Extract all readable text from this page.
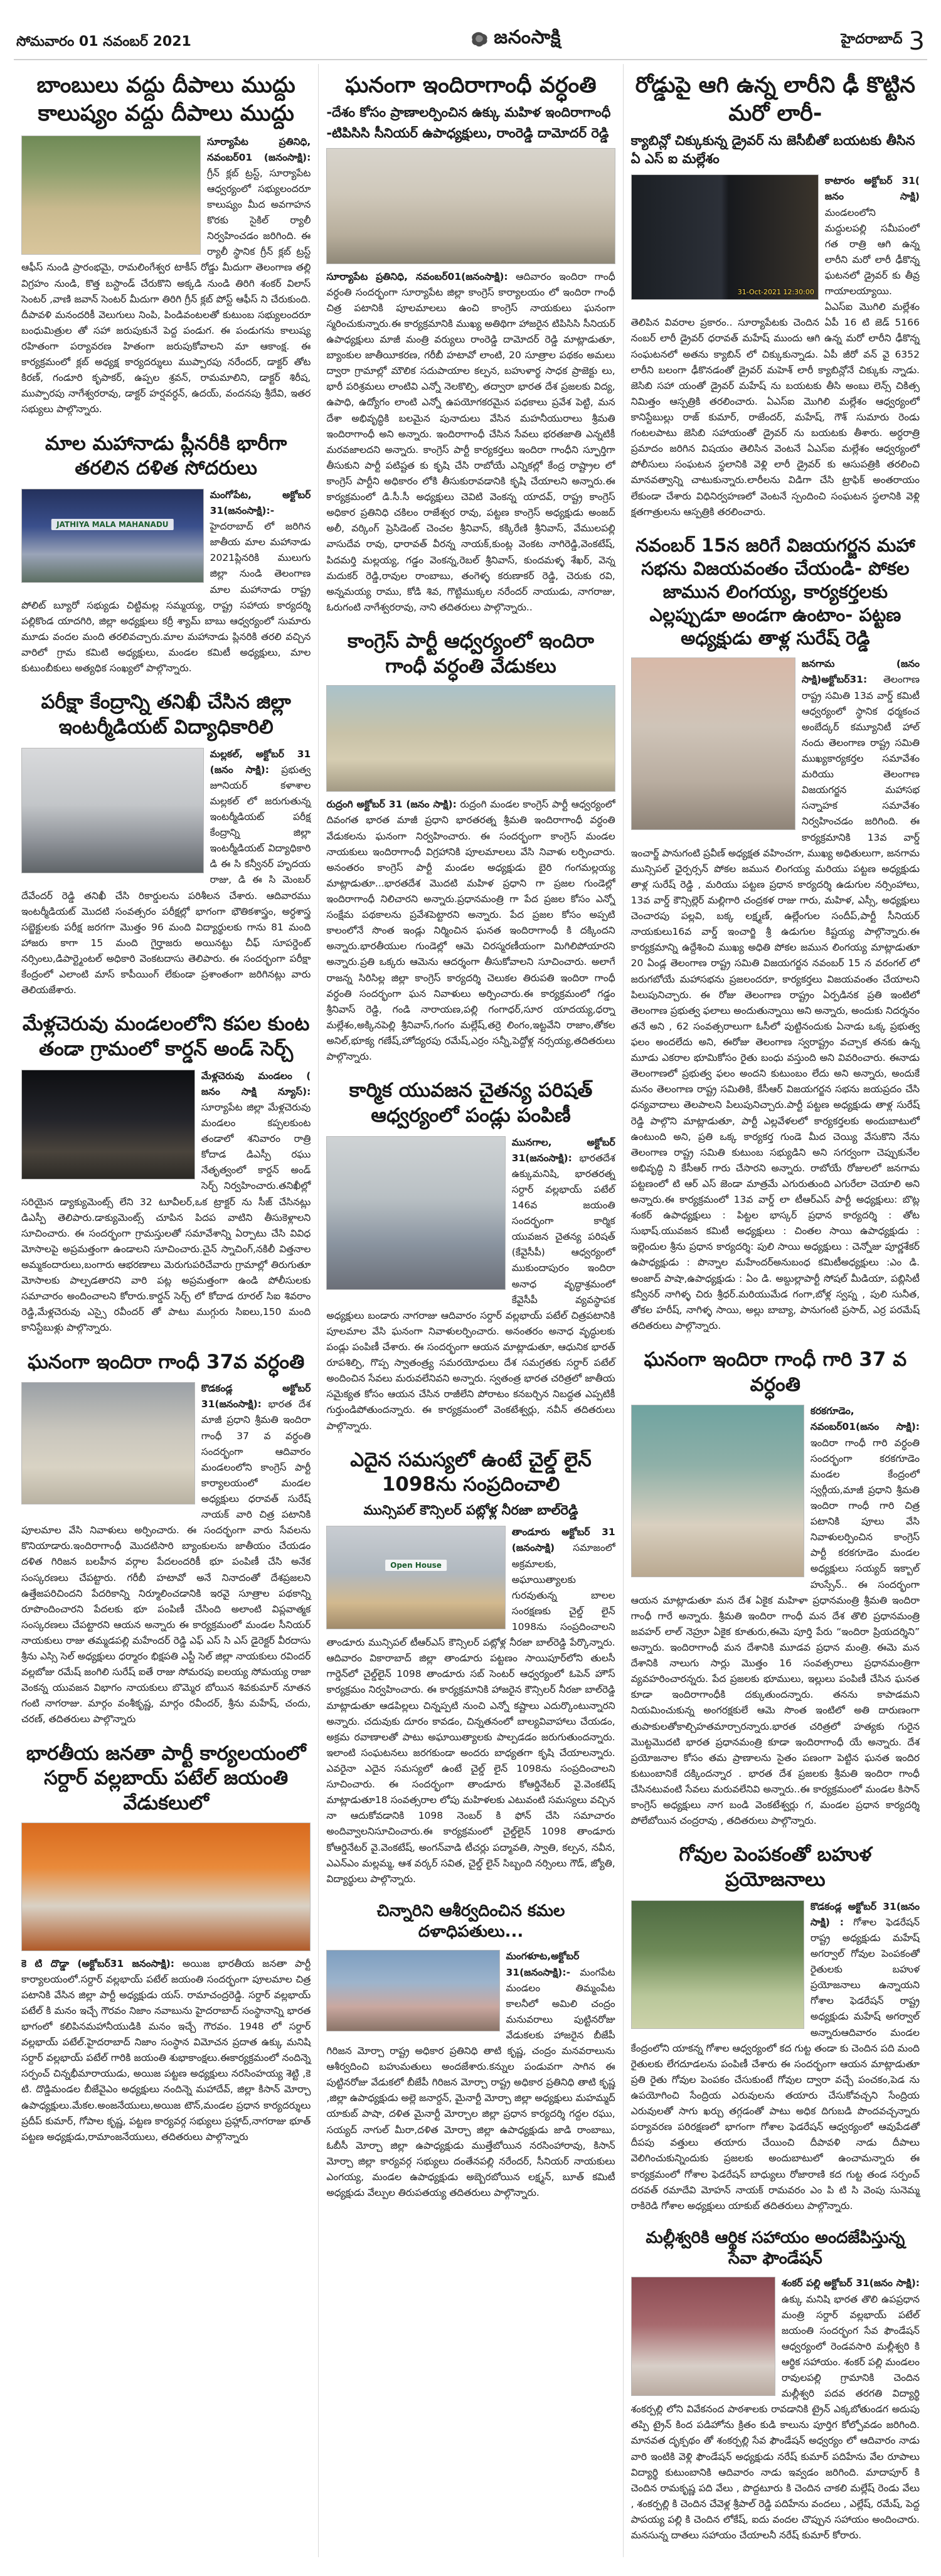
సోమవారం 01 నవంబర్ 2021	జనంసాక్షి	హైదరాబాద్ 3
బాంబులు వద్దు దీపాలు ముద్దు కాలుష్యం వద్దు దీపాలు ముద్దు

సూర్యాపేట ప్రతినిధి, నవంబర్01 (జనంసాక్షి): గ్రీన్ క్లబ్ ట్రస్ట్, సూర్యాపేట ఆధ్వర్యంలో సభ్యులందరూ కాలుష్యం మీద అవగాహన కొరకు సైకిల్ ర్యాలీ నిర్వహించడం జరిగింది. ఈ ర్యాలీ స్థానిక గ్రీన్ క్లబ్ ట్రస్ట్ ఆఫీస్ నుండి ప్రారంభమై, రామలింగేశ్వర టాకీస్ రోడ్డు మీదుగా తెలంగాణ తల్లి విగ్రహం నుండి, కొత్త బస్టాండ్ చేరుకొని అక్కడి నుండి తిరిగి శంకర్ విలాస్ సెంటర్ ,వాణి జవాన్ సెంటర్ మీదుగా తిరిగి గ్రీన్ క్లబ్ పోస్ట్ ఆఫీస్ ని చేరుకుంది. దీపావళి మనందరికీ వెలుగులు నింపి, పిండివంటలతో కుటుంబ సభ్యులందరూ బంధుమిత్రుల తో సహా జరుపుకునే పెద్ద పండుగ. ఈ పండుగను కాలుష్య రహితంగా పర్యావరణ హితంగా జరుపుకోవాలని మా ఆకాంక్ష. ఈ కార్యక్రమంలో క్లబ్ అధ్యక్ష కార్యదర్శులు ముప్పారపు నరేందర్, డాక్టర్ తోట కిరణ్, గండూరి కృపాకర్, ఉప్పల శ్రవన్, రామమాలిని, డాక్టర్ శిరీష, ముప్పారపు నాగేశ్వరరావు, డాక్టర్ హర్షవర్ధన్, ఉదయ్, వందనపు శ్రీదేవి, ఇతర సభ్యులు పాల్గొన్నారు.

మాల మహానాడు ప్లీనరీకి భారీగా తరలిన దళిత సోదరులు
JATHIYA MALA MAHANADU

మంగోపేట, అక్టోబర్ 31(జనంసాక్షి):- హైదరాబాద్ లో జరిగిన జాతీయ మాల మహానాడు 2021ప్లినరికి ములుగు జిల్లా నుండి తెలంగాణ మాల మహానాడు రాష్ట్ర పోలిట్ బ్యూరో సభ్యుడు చిట్టిమల్ల సమ్మయ్య, రాష్ట్ర సహాయ కార్యదర్శి పల్లికొండ యాదగిరి, జిల్లా అధ్యక్షులు కర్రీ శ్యామ్ బాబు ఆధ్వర్యంలో సుమారు మూడు వందల మంది తరలివచ్చారు.మాల మహానాడు ప్లినరికి తరలి వచ్చిన వారిలో గ్రామ కమిటి అధ్యక్షులు, మండల కమిటీ అధ్యక్షులు, మాల కుటుంబీకులు అత్యధిక సంఖ్యలో పాల్గొన్నారు.

పరీక్షా కేంద్రాన్ని తనిఖీ చేసిన జిల్లా ఇంటర్మీడియట్ విద్యాధికారిలి

మల్లకల్, అక్టోబర్ 31 (జనం సాక్షి): ప్రభుత్వ జూనియర్ కళాశాల మల్లకల్ లో జరుగుతున్న ఇంటర్మీడియట్ పరీక్ష కేంద్రాన్ని జిల్లా ఇంటర్మీడియట్ విద్యాధికారి డి ఈ సి కన్వీనర్ హృదయ రాజు, డి ఈ సి మెంబర్ దేవేందర్ రెడ్డి తనిఖీ చేసి రికార్డులను పరిశీలన చేశారు. ఆదివారము ఇంటర్మీడియట్ మొదటి సంవత్సరం పరీక్షల్లో భాగంగా భౌతికశాస్త్రం, అర్ధశాస్త్ర సబ్జెక్టులకు పరీక్ష జరగగా మొత్తం 96 మంది విద్యార్థులకు గాను 81 మంది హాజరు కాగా 15 మంది గైర్హాజరు అయినట్టు చీఫ్ సూపర్డెంట్ నర్సింలు,డిపార్ట్మెంటల్ అధికారి వెంకటదాసు తెలిపారు. ఈ సందర్భంగా పరీక్షా కేంద్రంలో ఎలాంటి మాస్ కాపీయింగ్ లేకుండా ప్రశాంతంగా జరిగినట్లు వారు తెలియజేశారు.

మేళ్లచెరువు మండలంలోని కపల కుంట తండా గ్రామంలో కార్డన్ అండ్ సెర్చ్

మేళ్లచెరువు మండలం ( జనం సాక్షి న్యూస్): సూర్యాపేట జిల్లా మేళ్లచెరువు మండలం కప్పలకుంట తండాలో శనివారం రాత్రి కోదాడ డిఎస్పీ రఘు నేతృత్వంలో కార్డన్ అండ్ సెర్చ్ నిర్వహించారు.తనిఖీల్లో సరియైన డ్యాక్యుమెంట్స్ లేని 32 టూవీలర్,ఒక ట్రాక్టర్ ను సీజ్ చేసినట్లు డిఎస్పీ తెలిపారు.డాక్యుమెంట్స్ చూపిన పిదప వాటిని తీసుకెళ్లాలని సూచించారు. ఈ సందర్భంగా గ్రామస్తులతో సమావేశాన్ని ఏర్పాటు చేసి వివిధ మోసాలపై అప్రమత్తంగా ఉండాలని సూచించారు.చైన్ స్నాచింగ్,నకిలీ విత్తనాల అమ్మకందారులు,బంగారు ఆభరణాలు మెరుగుపరిచేవారు గ్రామాల్లో తిరుగుతూ మోసాలకు పాల్పడతారని వారి పట్ల అప్రమత్తంగా ఉండి పోలీసులకు సమాచారం అందించాలని కోరారు.కార్డన్ సెర్చ్ లో కోదాడ రూరల్ సిఐ శివరాం రెడ్డి,మేళ్లచెరువు ఎస్సై రవీందర్ తో పాటు ముగ్గురు సిఐలు,150 మంది కానిస్టేబుళ్లు పాల్గొన్నారు.

ఘనంగా ఇందిరా గాంధీ 37వ వర్ధంతి

కొడకండ్ల అక్టోబర్ 31(జనంసాక్షి): భారత దేశ మాజీ ప్రధాని శ్రీమతి ఇందిరా గాంధీ 37 వ వర్ధంతి సందర్భంగా ఆదివారం మండలంలోని కాంగ్రెస్ పార్టీ కార్యాలయంలో మండల అధ్యక్షులు ధరావత్ సురేష్ నాయక్ వారి చిత్ర పటానికి పూలమాల వేసి నివాళులు అర్పించారు. ఈ సందర్భంగా వారు సేవలను కొనియాడారు.ఇందిరాగాంధీ మొదటిసారి బ్యాంకులను జాతీయం చేయడం దళిత గిరిజన బలహీన వర్గాల పేదలందరికీ భూ పంపిణీ చేసి అనేక సంస్కరణలు చేపట్టారు. గరీబీ హటావో అనే నినాదంతో దేశప్రజలని ఉత్తేజపరిచిందని పేదరికాన్ని నిర్మూలించడానికి ఇరవై సూత్రాల పథకాన్ని రూపొందించారని పేదలకు భూ పంపిణీ చేసింది అలాంటి విప్లవాత్మక సంస్కరణలు చేపట్టారని ఆయన అన్నారు ఈ కార్యక్రమంలో మండల సీనియర్ నాయకులు రాజు తమ్మడపల్లి మహేందర్ రెడ్డి ఎఫ్ ఎస్ సి ఎస్ డైరెక్టర్ వీరదాసు శ్రీను ఎస్సి సెల్ అధ్యక్షులు ధర్మారం భిక్షపతి ఎస్టీ సెల్ జిల్లా నాయకులు రవిందర్ వల్లబోజు రమేష్ జంగిలి సురేష్ ఐతే రాజు సోమరపు ఐలయ్య సోమయ్య రాజా వెంకన్న యువజన విభాగం నాయకులు బొమ్మెర బోయిన శివకుమార్ నూతన గంటి నాగరాజు. మార్గం వంశీకృష్ణ, మార్గం రవీందర్, శ్రీను మహేష్, చందు, చరణ్, తదితరులు పాల్గొన్నారు

భారతీయ జనతా పార్టీ కార్యలయంలో సర్దార్ వల్లబాయ్ పటేల్ జయంతి వేడుకలులో

కె టి దొడ్డా (అక్టోబర్31 జనంసాక్షి): అయిజ భారతీయ జనతా పార్టీ కార్యాలయంలో.సర్దార్ వల్లభాయ్ పటేల్ జయంతి సందర్భంగా పూలమాల చిత్ర పటానికి వేసిన జిల్లా పార్టీ అధ్యక్షుడు యస్. రామాచంద్రరెడ్డి. సర్దార్ వల్లభాయ్ పటేల్ కి మనం ఇచ్చే గౌరవం నిజాం నవాబును హైదరాబాద్ సంస్థానాన్ని భారత భాగంలో కలిపినమహానీయుడికి మనం ఇచ్చే గౌరవం. 1948 లో సర్దార్ వల్లభాయ్ పటేల్.హైదరాబాద్ నిజాం సంస్థాన విమోచన ప్రదాత ఉక్కు మనిషి సర్దార్ వల్లభాయ్ పటేల్ గారికి జయంతి శుభాకాంక్షలు.ఈకార్యక్రమంలో నందిన్నె సర్పంచ్ చిన్నభీమారాయుడు, అయిజ పట్టణ అధ్యక్షులు నరసింహయ్య శెట్టి ,కె టి. దొడ్డిమండల బీజేవైఎం అధ్యక్షులు నందిన్నె మహాదేవ్, జిల్లా కిసాన్ మోర్చా ఉపాధ్యక్షులు.మేకల.అంజనేయులు,అయిజ టౌన్,మండల ప్రధాన కార్యదర్శులు ప్రదీప్ కుమార్, గోపాల కృష్ణ, పట్టణ కార్యవర్గ సభ్యులు ప్రహ్లాద్,నాగరాజు భూత్ పట్టణ అధ్యక్షుడు,రామాంజనేయులు, తదితరులు పాల్గొన్నారు

ఘనంగా ఇందిరాగాంధీ వర్ధంతి
-దేశం కోసం ప్రాణాలర్పించిన ఉక్కు మహిళ ఇందిరాగాంధీ
-టిపిసిసి సీనియర్ ఉపాధ్యక్షులు, రాంరెడ్డి దామోదర్ రెడ్డి

సూర్యాపేట ప్రతినిధి, నవంబర్01(జనంసాక్షి): ఆదివారం ఇందిరా గాంధీ వర్ధంతి సందర్భంగా సూర్యాపేట జిల్లా కాంగ్రెస్ కార్యాలయం లో ఇందిరా గాంధీ చిత్ర పటానికి పూలమాలలు ఉంచి కాంగ్రెస్ నాయకులు ఘనంగా స్మరించుకున్నారు.ఈ కార్యక్రమానికి ముఖ్య అతిథిగా హాజరైన టిపిసిసి సీనియర్ ఉపాధ్యక్షులు మాజీ మంత్రి వర్యులు రాంరెడ్డి దామోదర్ రెడ్డి మాట్లాడుతూ, బ్యాంకుల జాతీయీకరణ, గరీబీ హటావో లాంటి, 20 సూత్రాల పథకం అమలు ద్వారా గ్రామాల్లో మౌలిక సదుపాయాల కల్పన, బహుళార్థ సాధక ప్రాజెక్టు లు, భారీ పరిశ్రమలు లాంటివి ఎన్నో నెలకొల్పి, తద్వారా భారత దేశ ప్రజలకు విద్య, ఉపాధి, ఉద్యోగం లాంటి ఎన్నో ఉపయోగకరమైన పధకాలు ప్రవేశ పెట్టి, మన దేశా అభివృద్ధికి బలమైన పునాదులు వేసిన మహనీయురాలు శ్రీమతి ఇందిరాగాంధీ అని అన్నారు. ఇందిరాగాంధీ చేసిన సేవలు భరతజాతి ఎన్నటికీ మరవజాలదని అన్నారు. కాంగ్రెస్ పార్టీ కార్యకర్తలు ఇందిరా గాంధీని స్ఫూర్తిగా తీసుకుని పార్టీ పటిష్టత కు కృషి చేసి రాబోయే ఎన్నికల్లో కేంద్ర రాష్ట్రాల లో కాంగ్రెస్ పార్టీని అధికారం లోకి తీసుకురావడానికి కృషి చేయాలని అన్నారు.ఈ కార్యక్రమంలో డి.సీ.సీ అధ్యక్షులు చెవిటి వెంకన్న యాదవ్, రాష్ట్ర కాంగ్రెస్ అధికార ప్రతినిధి చకిలం రాజేశ్వర రావు, పట్టణ కాంగ్రెస్ అధ్యక్షుడు అంజద్ అలీ, వర్కింగ్ ప్రెసిడెంట్ చెంచల శ్రీనివాస్, కక్కిరేణి శ్రీనివాస్, వేములపల్లి వాసుదేవ రావు, ధారావత్ వీరన్న నాయక్,కుంట్ల వెంకట నాగిరెడ్డి,వెంకటేష్, పిదమర్తి మల్లయ్య, గడ్డం వెంకన్న,రెబల్ శ్రీనివాస్, కుందమళ్ళ శేఖర్, వెన్న మదుకర్ రెడ్డి,రావుల రాంబాబు, తంగెళ్ళ కరుణాకర్ రెడ్డి, చెరుకు రవి, అన్నమయ్య రాము, కోడి శివ, గొట్టిముక్కల నరేందర్ నాయుడు, నాగరాజు, ఓరుగంటి నాగేశ్వరరావు, నాని తదితరులు పాల్గొన్నారు..

కాంగ్రెస్ పార్టీ ఆధ్వర్యంలో ఇందిరా గాంధీ వర్ధంతి వేడుకలు

రుద్రంగి అక్టోబర్ 31 (జనం సాక్షి): రుద్రంగి మండల కాంగ్రెస్ పార్టీ ఆధ్వర్యంలో దివంగత భారత మాజీ ప్రధాని భారతరత్న శ్రీమతి ఇందిరాగాంధీ వర్ధంతి వేడుకలను ఘనంగా నిర్వహించారు. ఈ సందర్భంగా కాంగ్రెస్ మండల నాయకులు ఇందిరాగాంధీ విగ్రహానికి పూలమాలలు వేసి నివాళు లర్పించారు. అనంతరం కాంగ్రెస్ పార్టీ మండల అధ్యక్షుడు బైరి గంగమల్లయ్య మాట్లాడుతూ...భారతదేశ మొదటి మహిళ ప్రధాని గా ప్రజల గుండెల్లో ఇందిరాగాంధీ నిలిచారని అన్నారు.ప్రధానమంత్రి గా పేద ప్రజల కోసం ఎన్నో సంక్షేమ పథకాలను ప్రవేశపెట్టారని అన్నారు. పేద ప్రజల కోసం అప్పటి కాలంలోనే సొంత ఇండ్లు నిర్మించిన ఘనత ఇందిరాగాంధీ కి దక్కిందని అన్నారు.భారతీయుల గుండెల్లో ఆమె చిరస్మరణీయంగా మిగిలిపోయారని అన్నారు.ప్రతి ఒక్కరు ఆమెను ఆదర్శంగా తీసుకోవాలని సూచించారు. అలాగే రాజన్న సిరిసిల్ల జిల్లా కాంగ్రెస్ కార్యదర్శి చెలుకల తిరుపతి ఇందిరా గాంధీ వర్ధంతి సందర్భంగా ఘన నివాళులు అర్పించారు.ఈ కార్యక్రమంలో గడ్డం శ్రీనివాస్ రెడ్డి, గండి నారాయణ,పల్లి గంగాధర్,సూర యాదయ్య,ధర్నా మల్లేశం,అక్కినపెల్లి శ్రీనివాస్,గంగం మల్లేష్,తర్రె లింగం,ఇట్టవేని రాజాం,తోకల అనిల్,భూక్య గణేష్,హోద్యరపు రమేష్,ఎర్రం సన్నీ,పెద్దోళ్ల నర్సయ్య,తదితరులు పాల్గొన్నారు.

కార్మిక యువజన చైతన్య పరిషత్ ఆధ్వర్యంలో పండ్లు పంపిణీ

మునగాల, అక్టోబర్ 31(జనంసాక్షి): భారతదేశ ఉక్కుమనిషి, భారతరత్న సర్దార్ వల్లభాయ్ పటేల్ 146వ జయంతి సందర్భంగా కార్మిక యువజన చైతన్య పరిషత్ (కేవైసీపీ) ఆధ్వర్యంలో ముకుందాపురం ఇందిరా అనాధ వృద్ధాశ్రమంలో కేవైసీపీ వ్యవస్థాపక అధ్యక్షులు బండారు నాగరాజు ఆదివారం సర్దార్ వల్లభాయ్ పటేల్ చిత్రపటానికి పూలమాల వేసి ఘనంగా నివాళులర్పించారు. అనంతరం అనాధ వృద్ధులకు పండ్లు పంపిణీ చేశారు. ఈ సందర్భంగా ఆయన మాట్లాడుతూ, ఆధునిక భారత్ రూపశిల్పి, గొప్ప స్వాతంత్ర్య సమరయోధులు దేశ సమగ్రతకు సర్దార్ పటేల్ అందించిన సేవలు మరువలేనివని అన్నారు. స్వతంత్ర భారత చరిత్రలో జాతీయ సమైక్యత కోసం ఆయన చేసిన రాజీలేని పోరాటం కనబర్చిన నిబద్ధత ఎప్పటికీ గుర్తుండిపోతుందన్నారు. ఈ కార్యక్రమంలో వెంకటేశ్వర్లు, నవీన్ తదితరులు పాల్గొన్నారు.

ఎదైన సమస్యలో ఉంటే చైల్డ్ లైన్ 1098ను సంప్రదించాలి
మున్సిపల్ కౌన్సిలర్ పట్లోళ్ల నీరజా బాల్‌రెడ్డి
Open House

తాండూరు అక్టోబర్ 31 (జనంసాక్షి) సమాజంలో అక్రమాలకు, అఘాయిత్యాలకు గురవుతున్న బాలల సంరక్షణకు చైల్డ్ లైన్ 1098ను సంప్రదించాలని తాండూరు మున్సిపల్ టీఆర్ఎస్ కౌన్సిలర్ పట్లోళ్ల నీరజా బాల్‌రెడ్డి పేర్కొన్నారు. ఆదివారం వికారాబాద్ జిల్లా తాండూరు పట్టణం సాయిపూర్‌లోని తులసీ గార్డెన్‌లో చైల్డ్‌లైన్ 1098 తాండూరు సబ్ సెంటర్ ఆధ్వర్యంలో ఓపెన్ హౌస్ కార్యక్రమం నిర్వహించారు. ఈ కార్యక్రమానికి హాజరైన కౌన్సిలర్ నీరజా బాల్‌రెడ్డి మాట్లాడుతూ ఆడపిల్లలు చిన్నప్పటి నుంచి ఎన్నో కష్టాలు ఎదుర్కొంటున్నారని అన్నారు. చదువుకు దూరం కావడం, చిన్నతనంలో బాల్యవివాహాలు చేయడం, అక్రమ రవాణాలతో పాటు అఘాయిత్యాలకు పాల్పడడం జరుగుతుందన్నారు. ఇలాంటి సంఘటనలు జరగకుండా అందరు బాధ్యతగా కృషి చేయాలన్నారు. ఎవరైనా ఎదైన సమస్యలో ఉంటే చైల్డ్ లైన్ 1098ను సంప్రదించాలని సూచించారు. ఈ సందర్భంగా తాండూరు కోఆర్డినేటర్ వై.వెంకటేష్ మాట్లాడుతూ18 సంవత్సరాల లోపు మహిళలకు ఎటువంటి సమస్యలు వచ్చిన నా ఆదుకోవడానికి 1098 నెంబర్ కి ఫోన్ చేసి సమాచారం అందివ్వాలనిసూచించారు.ఈ కార్యక్రమంలో చైల్డ్‌లైన్ 1098 తాండూరు కోఆర్డినేటర్ వై.వెంకటేష్, అంగన్‌వాడి టీచర్లు పద్మావతి, స్వాతి, కల్పన, నవీన, ఎఎన్ఎం మల్లమ్మ, ఆశ వర్కర్ సవిత, చైల్డ్ లైన్ సిబ్బంది నర్సింలు గౌడ్, జ్యోతి, విద్యార్థులు పాల్గొన్నారు.

చిన్నారిని ఆశీర్వదించిన కమల దళాధిపతులు...

మంగళూట,అక్టోబర్ 31(జనంసాక్షి):- మంగపేట మండలం తిమ్మంపేట కాలనీలో అమిలి చంద్రం మనువరాలు పుట్టినరోజు వేడుకలకు హాజరైన బీజేపీ గిరిజన మోర్చా రాష్ట్ర అధికార ప్రతినిధి తాటి కృష్ణ, చంద్రం మనవరాలును ఆశీర్వదించి బహుమతులు అందజేశారు.కన్నుల పండువగా సాగిన ఈ పుట్టినరోజు వేడుకలో బీజేపీ గిరిజన మోర్చా రాష్ట్ర అధికార ప్రతినిధి తాటి కృష్ణ ,జిల్లా ఉపాధ్యక్షుడు అల్లె జనార్దన్, మైనార్టీ మోర్చా జిల్లా అధ్యక్షులు మహమ్మద్ యాకుబ్ పాషా, దళిత మైనార్టీ మోర్చాల జిల్లా ప్రధాన కార్యదర్శి గద్దల రఘు, సయ్యద్ నాగుల్ మీరా,దళిత మోర్చా జిల్లా ఉపాధ్యక్షుడు జాడి రాంబాబు, ఓబీసీ మోర్చా జిల్లా ఉపాధ్యక్షుడు ముత్తేబోయిన నరసింహారావు, కిసాన్ మోర్చా జిల్లా కార్యవర్గ సభ్యులు దంతేనపల్లి నరేందర్, సీనియర్ నాయకులు ఎంగయ్య, మండల ఉపాధ్యక్షుడు అబ్బెరబోయిన లక్ష్మన్, బూత్ కమిటీ అధ్యక్షుడు వేల్పుల తిరుపతయ్య తదితరులు పాల్గొన్నారు.

రోడ్డుపై ఆగి ఉన్న లారీని ఢీ కొట్టిన మరో లారీ-
క్యాబిన్లో చిక్కుకున్న డ్రైవర్ ను జెసీబీతో బయటకు తీసిన ఏ ఎస్ ఐ మల్లేశం
31-Oct-2021 12:30:00

కాటారం అక్టోబర్ 31( జనం సాక్షి) మండలంలోని మద్దులపల్లి సమీపంలో గత రాత్రి ఆగి ఉన్న లారీని మరో లారీ ఢీకొన్న ఘటనలో డ్రైవర్ కు తీవ్ర గాయాలయ్యాయి. ఏఎస్ఐ మొగిలి మల్లేశం తెలిపిన వివరాల ప్రకారం.. సూర్యాపేటకు చెందిన ఏపీ 16 టి జెడ్ 5166 నంబర్ లారీ డ్రైవర్ ధరావత్ మహేష్ ముందు ఆగి ఉన్న మరో లారీని ఢీకొన్న సంఘటనలో అతను క్యాబిన్ లో చిక్కుకున్నాడు. ఏపీ జీరో వన్ వై 6352 లారీని బలంగా ఢీకొనడంతో డ్రైవర్ మహెశ్ లారీ క్యాబిన్లోనే చిక్కుకు న్నాడు. జెసిబి సహా యంతో డ్రైవర్ మహేష్ ను బయటకు తీసి అంబు లెన్స్ చికిత్స నిమిత్తం ఆస్పత్రికి తరలించారు. ఏఎస్ఐ మొగిలి మల్లేశం ఆధ్వర్యంలో కానిస్టేబుల్లు రాజ్ కుమార్, రాజేందర్, మహేష్, గౌశ్ సుమారు రెండు గంటలపాటు జెసిబి సహాయంతో డ్రైవర్ ను బయటకు తీశారు. అర్ధరాత్రి ప్రమాదం జరిగిన విషయం తెలిసిన వెంటనే ఏఎస్ఐ మల్లేశం ఆధ్వర్యంలో పోలీసులు సంఘటన స్థలానికి వెళ్లి లారీ డ్రైవర్ కు ఆసుపత్రికి తరలించి మానవత్వాన్ని చాటుకున్నారు.లారీలను విడిగా చేసి ట్రాఫిక్ అంతరాయం లేకుండా చేశారు విధినిర్వహణలో వెంటనే స్పందించి సంఘటన స్థలానికి వెళ్లి క్షతగాత్రులను ఆస్పత్రికి తరలించారు.

నవంబర్ 15న జరిగే విజయగర్జన మహా సభను విజయవంతం చేయండి- పోకల జామున లింగయ్య, కార్యకర్తలకు ఎల్లప్పుడూ అండగా ఉంటాం- పట్టణ అధ్యక్షుడు తాళ్ల సురేష్ రెడ్డి

జనగామ (జనం సాక్షి)అక్టోబర్31: తెలంగాణ రాష్ట్ర సమితి 13వ వార్డ్ కమిటీ ఆధ్వర్యంలో స్థానిక ధర్మకంచ అంబేద్కర్ కమ్యూనిటీ హాల్ నందు తెలంగాణ రాష్ట్ర సమితి ముఖ్యకార్యకర్తల సమావేశం మరియు తెలంగాణ విజయగర్జన మహాసభ సన్నాహక సమావేశం నిర్వహించడం జరిగింది. ఈ కార్యక్రమానికి 13వ వార్డ్ ఇంచార్జ్ పానుగంటి ప్రవీణ్ అధ్యక్షత వహించగా, ముఖ్య అధితులుగా, జనగామ మున్సిపల్ ఛైర్పర్సన్ పోకల జమున లింగయ్య మరియు పట్టణ అధ్యక్షుడు తాళ్ల సురేష్ రెడ్డి , మరియు పట్టణ ప్రధాన కార్యదర్శి ఉడుగుల నర్సింహాలు, 13వ వార్డ్ కౌన్సిల్లెర్ మల్లిగారి చంద్రకళ రాజు గారు, మహిళ, ఎస్సీ, అధ్యక్షులు చెంచారపు పల్లవి, బక్క లక్ష్మణ్, ఉల్లేంగుల సందీప్,పార్టీ సీనియర్ నాయకులు16వ వార్డ్ ఇంచార్జి శ్రీ ఉడుగుల కిష్టయ్య పాల్గొన్నారు.ఈ కార్యక్రమాన్ని ఉద్దేశించి ముఖ్య అధితి పోకల జమున లింగయ్య మాట్లాడుతూ 20 ఏండ్ల తెలంగాణ రాష్ట్ర సమితి విజయగర్జన నవంబర్ 15 న వరంగల్ లో జరుగబోయే మహాసభను ప్రజలందరూ, కార్యకర్తలు విజయవంతం చేయాలని పిలుపునిచ్చారు. ఈ రోజు తెలంగాణ రాష్ట్రం ఏర్పడినక ప్రతి ఇంటిలో తెలంగాణ ప్రభుత్వ ఫలాలు అందుతున్నాయి అని అన్నారు, అందుకు నిదర్శనం తనే అని , 62 సంవత్సరాలుగా ఓసీలో పుట్టినందుకు ఏనాడు ఒక్క ప్రభుత్వ ఫలం అందలేదు అని, ఈరోజు తెలంగాణ స్వరాష్ట్రం వచ్చాక తనకు ఉన్న మూడు ఎకరాల భూమికోసం రైతు బంధు వస్తుంది అని వివరించారు. ఈనాడు తెలంగాణలో ప్రభుత్వ ఫలం అందని కుటుంబం లేదు అని అన్నారు, అందుకే మనం తెలంగాణ రాష్ట్ర సమితికి, కేసీఆర్ విజయగర్జన సభను జయప్రదం చేసి ధన్యవాదాలు తెలపాలని పిలుపునిచ్చారు.పార్టీ పట్టణ అధ్యక్షుడు తాళ్ల సురేష్ రెడ్డి పాల్గొని మాట్లాడుతూ, పార్టీ ఎల్లవేళలలో కార్యకర్తలకు అందుబాటులో ఉంటుంది అని, ప్రతి ఒక్క కార్యకర్త గుండె మీద చెయ్యి వేసుకొని నేను తెలంగాణ రాష్ట్ర సమితి కుటుంబ సభ్యుడిని అని సగర్వంగా చెప్పుకునేల అభివృద్ధి ని కేసీఆర్ గారు చేసారని అన్నారు. రాబోయే రోజులలో జనగామ పట్టణంలో టి ఆర్ ఎస్ జెండా మాత్రమే ఎగురుతుంది ఎగురేలా చెయాలి అని అన్నారు.ఈ కార్యక్రమంలో 13వ వార్డ్ లా టీఆర్ఎస్ పార్టీ అధ్యక్షులు: బొట్ల శంకర్ ఉపాధ్యక్షులు : పిట్టల భాస్కర్ ప్రధాన కార్యదర్శి : తోట సుభాష్.యువజన కమిటీ అధ్యక్షులు : చింతల సాయి ఉపాధ్యక్షుడు : ఇల్లెందుల శ్రీను ప్రధాన కార్యదర్శి: పులి సాయి అధ్యక్షులు : చెన్నోజు పూర్ణశేకర్ ఉపాధ్యక్షుడు : పొన్నాల మహేందర్అనుబంధ కమిటీఅధ్యక్షులు :ఎం డి. అంజాద్ పాషా,ఉపాధ్యక్షుడు : ఏం డి. అబ్దుల్లాపార్టీ సోషల్ మీడియా, పబ్లిసిటీ కన్వీనర్ నాగిళ్ళ చిరు శ్రీధర్.మరియుమేడ గంగా,బోళ్ల స్వప్న , పులి సునీత, తోకల హరీష్, నాగిళ్ళ సాయి, అల్లు బాబ్యా, పానుగంటి ప్రసాద్, ఎర్ర పరమేష్ తదితరులు పాల్గొన్నారు.

ఘనంగా ఇందిరా గాంధీ గారి 37 వ వర్ధంతి

కరకగూడెం, నవంబర్01(జనం సాక్షి): ఇందిరా గాంధీ గారి వర్ధంతి సందర్భంగా కరకగూడెం మండల కేంద్రంలో స్వర్గీయ,మాజీ ప్రధాని శ్రీమతి ఇందిరా గాంధీ గారి చిత్ర పటానికి పూలు వేసి నివాళులర్పించిన కాంగ్రెస్ పార్టీ కరకగూడెం మండల అధ్యక్షులు సయ్యద్ ఇక్బాల్ హుస్సేన్.. ఈ సందర్భంగా ఆయన మాట్లాడుతూ మన దేశ ఏకైక మహిళా ప్రధానమంత్రి శ్రీమతి ఇందిరా గాంధీ గారే అన్నారు. శ్రీమతి ఇందిరా గాంధీ మన దేశ తొలి ప్రధానమంత్రి జవహర్ లాల్ నెహ్రూ ఏకైక కూతురు,ఈమె పూర్తి పేరు “ఇందిరా ప్రియదర్శిని” అన్నారు. ఇందిరాగాంధీ మన దేశానికి మూడవ ప్రధాన మంత్రి. ఈమె మన దేశానికి నాలుగు సార్లు మొత్తం 16 సంవత్సరాలు ప్రధానమంత్రిగా వ్యవహరించారన్నరు. పేద ప్రజలకు భూములు, ఇల్లులు పంపిణీ చేసిన ఘనత కూడా ఇందిరాగాంధీకి దక్కుతుందన్నారు. తనను కాపాడమని నియమించుకున్న అంగరక్షకులే ఆమె సొంత ఇంటిలో అతి దారుణంగా తుపాకులతోకాల్చిహతమార్చారన్నారు.భారత చరిత్రలో హత్యకు గురైన మొట్టమొదటి భారత ప్రధానమంత్రి కూడా ఇందిరాగాంధీ యే అన్నారు. దేశ ప్రయోజనాల కోసం తమ ప్రాణాలను సైతం పణంగా పెట్టిన ఘనత ఇందిర కుటుంబానికే దక్కిందన్నార . భారత దేశ ప్రజలకు శ్రీమతి ఇందిరా గాంధీ చేసినటువంటి సేవలు మరువలేనివి అన్నారు..ఈ కార్యక్రమంలో మండల కిసాన్ కాంగ్రెస్ అధ్యక్షులు నాగ బండి వెంకటేశ్వర్లు గ, మండల ప్రధాన కార్యదర్శి పోలేబోయిన చంద్రరావు , తదితరులు పాల్గొన్నారు.

గోవుల పెంపకంతో బహుళ ప్రయోజనాలు

కొడకండ్ల అక్టోబర్ 31(జనం సాక్షి) : గోశాల ఫెడరేషన్ రాష్ట్ర అధ్యక్షుడు మహేష్ అగర్వాల్ గోవుల పెంపకంతో రైతులకు బహుళ ప్రయోజనాలు ఉన్నాయని గోశాల ఫెడరేషన్ రాష్ట్ర అధ్యక్షుడు మహేష్ అగర్వాల్ అన్నారుఆదివారం మండల కేంద్రంలోని యాకన్న గోశాల ఆధ్వర్యంలో కద గుట్ట తండా కు చెందిన పది మంది రైతులకు లేగదూడలను పంపిణీ చేశారు ఈ సందర్భంగా ఆయన మాట్లాడుతూ ప్రతి రైతు గోవుల పెంపకం చేసుకుంటే గోవుల ద్వారా వచ్చే పంచకం,పెడ ను ఉపయోగించి సేంద్రియ ఎరువులను తయారు చేసుకోవచ్చని సేంద్రియ ఎరువులతో సాగు ఖర్చు తగ్గడంతో పాటు అధిక దిగుబడి పొందవచ్చన్నారు పర్యావరణ పరిరక్షణలో భాగంగా గోశాల ఫెడరేషన్ ఆధ్వర్యంలో ఆవుపేడతో దీపపు వత్తులు తయారు చేయించి దీపావళి నాడు దీపాలు వెలిగించుకున్నిందుకు ప్రజలకు అందుబాటులో ఉంచామన్నారు ఈ కార్యక్రమంలో గోశాల ఫెడరేషన్ బాధ్యులు రోజారాణి కద గుట్ట తండ సర్పంచ్ దరవత్ రమాదేవి మోహన్ నాయక్ రామవరం ఎం పి టి సి వెంపు సునెమ్మ రాకిరెడి గోశాల అధ్యక్షులు యాకుబ్ తదితరులు పాల్గొన్నారు.

మల్లీశ్వరికి ఆర్థిక సహాయం అందజేపిస్తున్న సేవా ఫౌండేషన్

శంకర్ పల్లి అక్టోబర్ 31(జనం సాక్షి): ఉక్కు మనిషి భారత తొలి ఉపప్రధాన మంత్రి సర్దార్ వల్లభాయ్ పటేల్ జయంతి సందర్భంగ సేవ ఫౌండేషన్ ఆధ్వర్యంలో రెండవసారి మల్లీశ్వరి కి ఆర్థిక సహాయం. శంకర్ పల్లి మండలం రావులపల్లి గ్రామానికి చెందిన మల్లీశ్వరి పదవ తరగతి విద్యార్థి శంకర్పల్లి లోని వివేకనంద పాఠశాలకు రావడానికి ట్రైన్ ఎక్కబోతుండగ అదుపు తప్పి ట్రైన్ కింద పడిహోను క్రితం కుడి కాలును పూర్తిగ కోల్పోవడం జరిగింది. మానవత దృక్పథం తో శంకర్పల్లి సేవ ఫౌండేషన్ అధ్వర్యం లో ఆదివారం నాడు వారి ఇంటికి వెళ్లి ఫౌండేషన్ అధ్యక్షుడు నరేష్ కుమార్ పదిహేను వేల రూపాలు విద్యార్థి కుటుంబానికి ఆదివారం నాడు ఇవ్వడం జరిగింది. మాదాపూర్ కి చెందిన రామకృష్ణ పది వేలు , పొద్దటూరు కి చెందిన చాకలి మల్లేష్ రెండు వేలు , శంకర్పల్లి కి చెందిన చేవెళ్ల శ్రీపాల్ రెడ్డి పదిహేను వందలు , ఎల్లేష్, రమేష్, పెద్ద పాపయ్య పల్లి కి చెందిన లోకేష్, ఐదు వందల చొప్పున సహాయం అందించారు. మనసున్న దాతలు సహాయం చేయాలనీ నరేష్ కుమార్ కోరారు.
